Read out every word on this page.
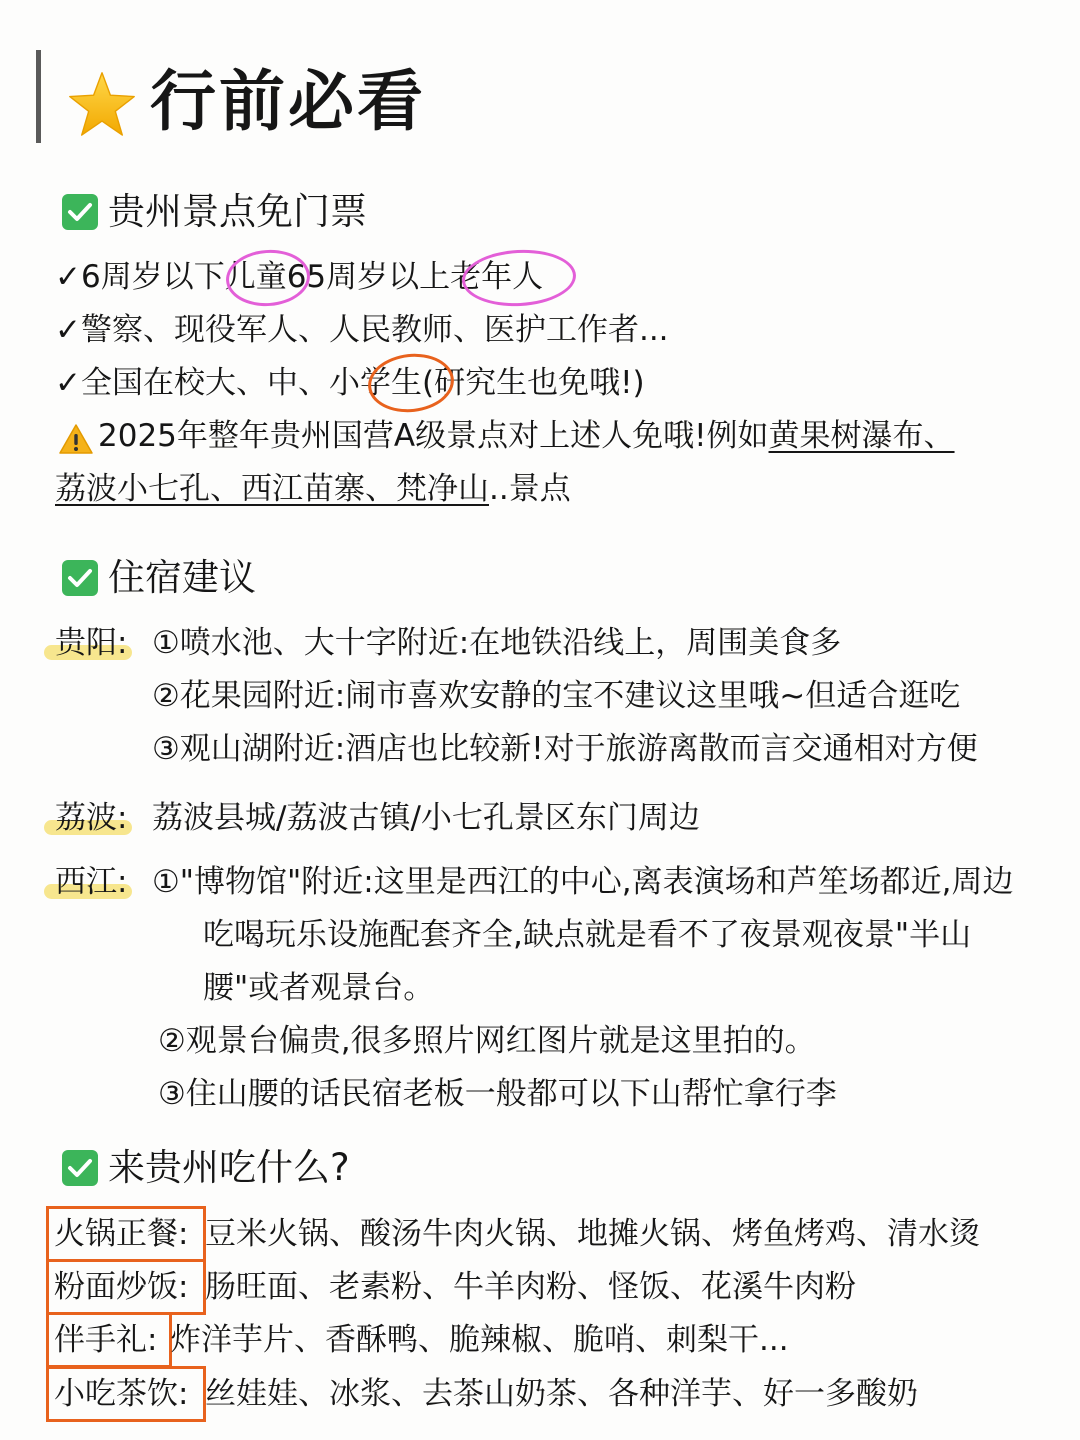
行前必看
贵州景点免门票
✓6周岁以下儿童65周岁以上老年人
✓警察、现役军人、人民教师、医护工作者...
✓全国在校大、中、小学生(研究生也免哦!)
2025年整年贵州国营A级景点对上述人免哦!例如黄果树瀑布、
荔波小七孔、西江苗寨、梵净山..景点
住宿建议
贵阳: ①喷水池、大十字附近:在地铁沿线上，周围美食多
②花果园附近:闹市喜欢安静的宝不建议这里哦~但适合逛吃
③观山湖附近:酒店也比较新!对于旅游离散而言交通相对方便
荔波: 荔波县城/荔波古镇/小七孔景区东门周边
西江: ①"博物馆"附近:这里是西江的中心,离表演场和芦笙场都近,周边
吃喝玩乐设施配套齐全,缺点就是看不了夜景观夜景"半山
腰"或者观景台。
②观景台偏贵,很多照片网红图片就是这里拍的。
③住山腰的话民宿老板一般都可以下山帮忙拿行李
来贵州吃什么?
火锅正餐: 豆米火锅、酸汤牛肉火锅、地摊火锅、烤鱼烤鸡、清水烫
粉面炒饭: 肠旺面、老素粉、牛羊肉粉、怪饭、花溪牛肉粉
伴手礼: 炸洋芋片、香酥鸭、脆辣椒、脆哨、刺梨干...
小吃茶饮: 丝娃娃、冰浆、去茶山奶茶、各种洋芋、好一多酸奶
